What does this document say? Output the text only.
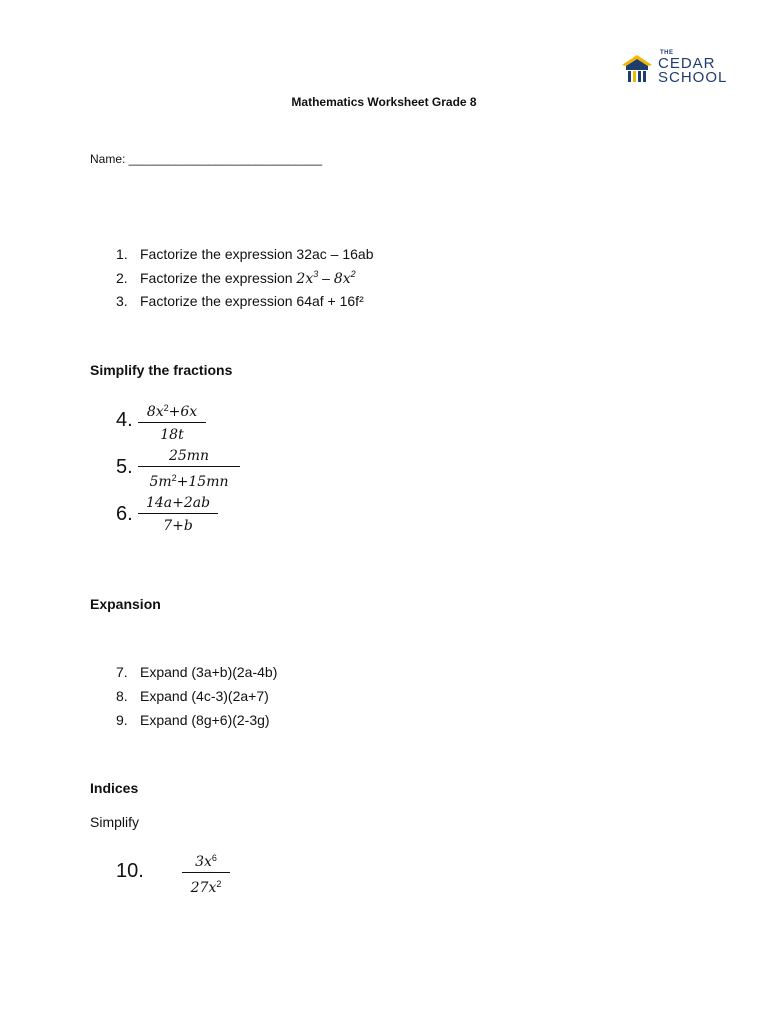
THE
CEDAR
SCHOOL
Mathematics Worksheet Grade 8
Name: _____________________________
1. Factorize the expression 32ac – 16ab
2. Factorize the expression $2x^3 - 8x^2$
3. Factorize the expression 64af + 16f²
Simplify the fractions
4.	$8x^2+6x$
18t
5.	25mn
$5m^2+15mn$
6. 14a+2ab
7+b
Expansion
7. Expand (3a+b)(2a-4b)
8. Expand (4c-3)(2a+7)
9. Expand (8g+6)(2-3g)
Indices
Simplify
10.	$3x^6$
$27x^2$
